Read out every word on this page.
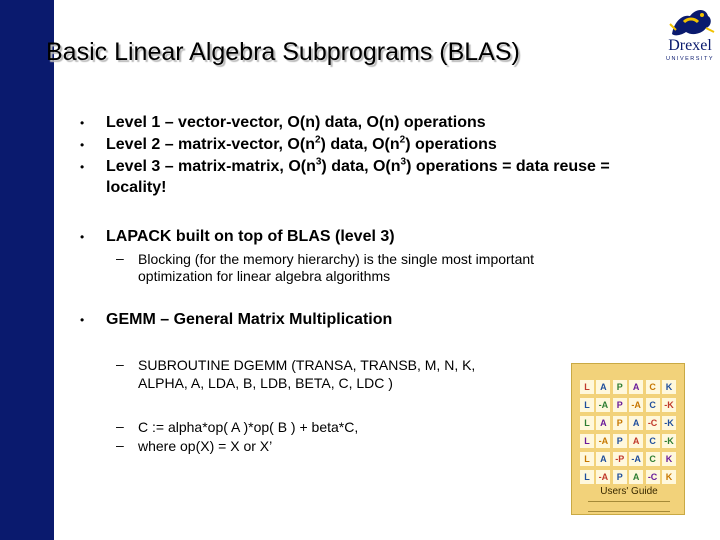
Basic Linear Algebra Subprograms (BLAS)	Drexel
UNIVERSITY
• Level 1 – vector-vector, O(n) data, O(n) operations
• Level 2 – matrix-vector, $O(n^2)$ data, $O(n^2)$ operations
• Level 3 – matrix-matrix, $O(n^3)$ data, $O(n^3)$ operations = data reuse =
locality!
• LAPACK built on top of BLAS (level 3)
– Blocking (for the memory hierarchy) is the single most important
optimization for linear algebra algorithms
• GEMM – General Matrix Multiplication
– SUBROUTINE DGEMM (TRANSA, TRANSB, M, N, K,
ALPHA, A, LDA, B, LDB, BETA, C, LDC )
– C := alpha*op( A )*op( B ) + beta*C,
– where op(X) = X or X’
L	A	P	A	C	K
L -A P -A C -K
L	A	P	A -C -K
L -A P	A	C -K
L	A -P -A C	K
L -A P	A -C K
Users' Guide
